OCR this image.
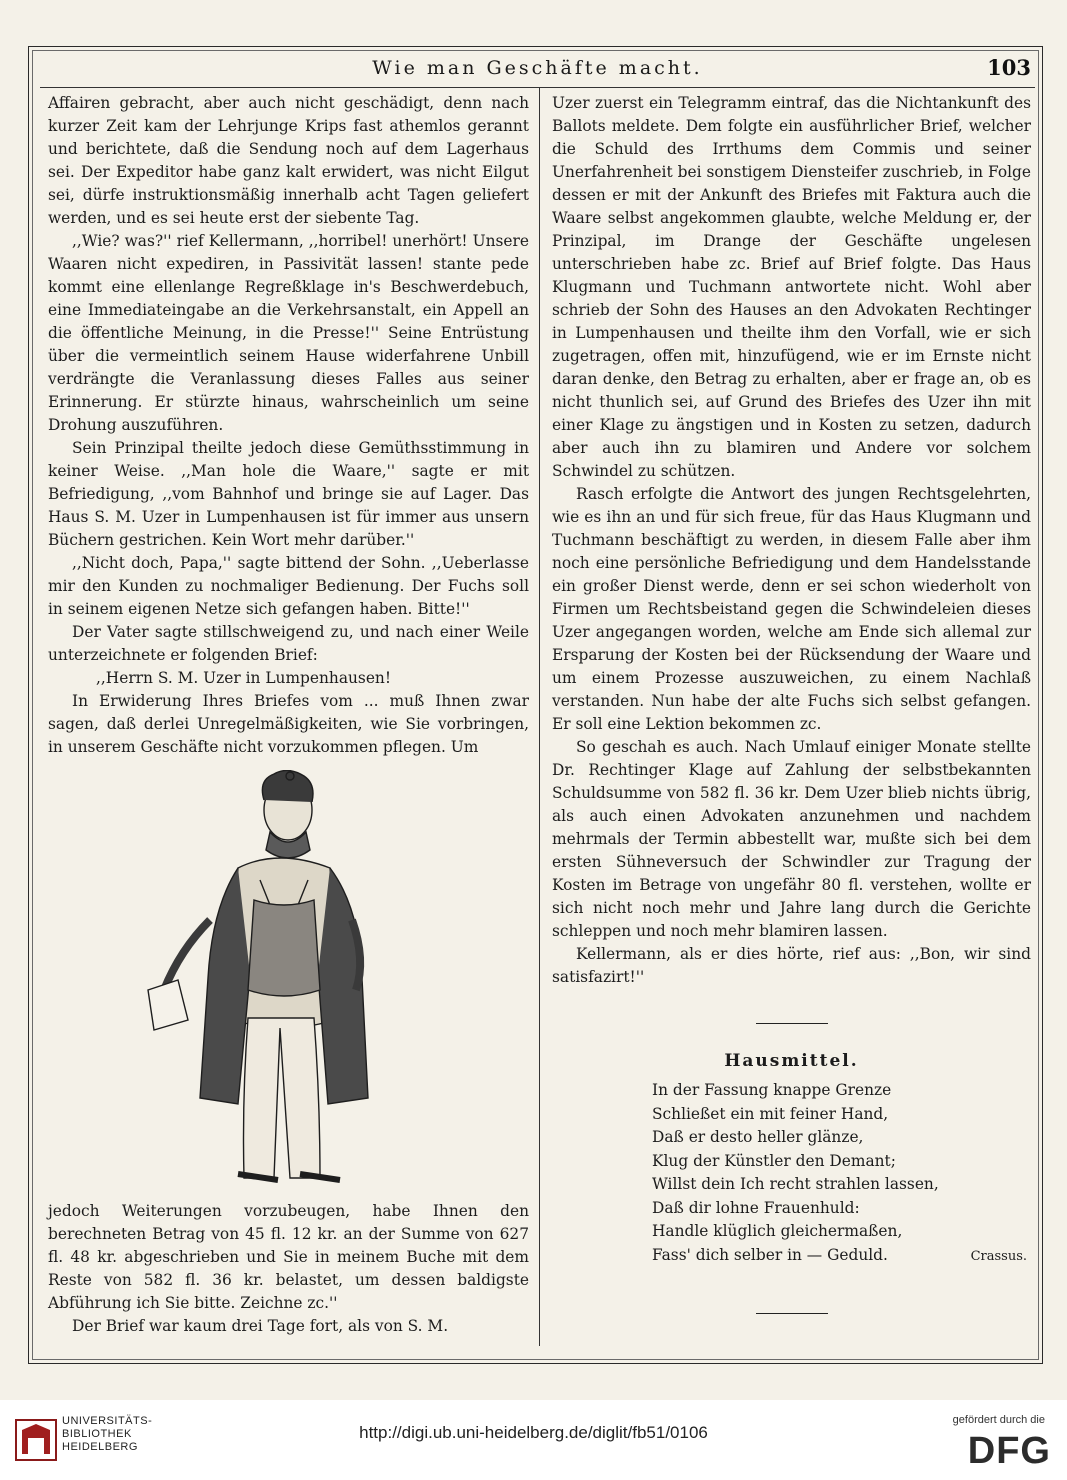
Wie man Geschäfte macht.	103

Affairen gebracht, aber auch nicht geschädigt, denn nach kurzer Zeit kam der Lehrjunge Krips fast athemlos gerannt und berichtete, daß die Sendung noch auf dem Lagerhaus sei. Der Expeditor habe ganz kalt erwidert, was nicht Eilgut sei, dürfe instruktionsmäßig innerhalb acht Tagen geliefert werden, und es sei heute erst der siebente Tag.

,,Wie? was?'' rief Kellermann, ,,horribel! unerhört! Unsere Waaren nicht expediren, in Passivität lassen! stante pede kommt eine ellenlange Regreßklage in's Beschwerdebuch, eine Immediateingabe an die Verkehrsanstalt, ein Appell an die öffentliche Meinung, in die Presse!'' Seine Entrüstung über die vermeintlich seinem Hause widerfahrene Unbill verdrängte die Veranlassung dieses Falles aus seiner Erinnerung. Er stürzte hinaus, wahrscheinlich um seine Drohung auszuführen.

Sein Prinzipal theilte jedoch diese Gemüthsstimmung in keiner Weise. ,,Man hole die Waare,'' sagte er mit Befriedigung, ,,vom Bahnhof und bringe sie auf Lager. Das Haus S. M. Uzer in Lumpenhausen ist für immer aus unsern Büchern gestrichen. Kein Wort mehr darüber.''

,,Nicht doch, Papa,'' sagte bittend der Sohn. ,,Ueberlasse mir den Kunden zu nochmaliger Bedienung. Der Fuchs soll in seinem eigenen Netze sich gefangen haben. Bitte!''

Der Vater sagte stillschweigend zu, und nach einer Weile unterzeichnete er folgenden Brief:

,,Herrn S. M. Uzer in Lumpenhausen!

In Erwiderung Ihres Briefes vom ... muß Ihnen zwar sagen, daß derlei Unregelmäßigkeiten, wie Sie vorbringen, in unserem Geschäfte nicht vorzukommen pflegen. Um

jedoch Weiterungen vorzubeugen, habe Ihnen den berechneten Betrag von 45 fl. 12 kr. an der Summe von 627 fl. 48 kr. abgeschrieben und Sie in meinem Buche mit dem Reste von 582 fl. 36 kr. belastet, um dessen baldigste Abführung ich Sie bitte. Zeichne zc.''

Der Brief war kaum drei Tage fort, als von S. M.

Uzer zuerst ein Telegramm eintraf, das die Nichtankunft des Ballots meldete. Dem folgte ein ausführlicher Brief, welcher die Schuld des Irrthums dem Commis und seiner Unerfahrenheit bei sonstigem Diensteifer zuschrieb, in Folge dessen er mit der Ankunft des Briefes mit Faktura auch die Waare selbst angekommen glaubte, welche Meldung er, der Prinzipal, im Drange der Geschäfte ungelesen unterschrieben habe zc. Brief auf Brief folgte. Das Haus Klugmann und Tuchmann antwortete nicht. Wohl aber schrieb der Sohn des Hauses an den Advokaten Rechtinger in Lumpenhausen und theilte ihm den Vorfall, wie er sich zugetragen, offen mit, hinzufügend, wie er im Ernste nicht daran denke, den Betrag zu erhalten, aber er frage an, ob es nicht thunlich sei, auf Grund des Briefes des Uzer ihn mit einer Klage zu ängstigen und in Kosten zu setzen, dadurch aber auch ihn zu blamiren und Andere vor solchem Schwindel zu schützen.

Rasch erfolgte die Antwort des jungen Rechtsgelehrten, wie es ihn an und für sich freue, für das Haus Klugmann und Tuchmann beschäftigt zu werden, in diesem Falle aber ihm noch eine persönliche Befriedigung und dem Handelsstande ein großer Dienst werde, denn er sei schon wiederholt von Firmen um Rechtsbeistand gegen die Schwindeleien dieses Uzer angegangen worden, welche am Ende sich allemal zur Ersparung der Kosten bei der Rücksendung der Waare und um einem Prozesse auszuweichen, zu einem Nachlaß verstanden. Nun habe der alte Fuchs sich selbst gefangen. Er soll eine Lektion bekommen zc.

So geschah es auch. Nach Umlauf einiger Monate stellte Dr. Rechtinger Klage auf Zahlung der selbstbekannten Schuldsumme von 582 fl. 36 kr. Dem Uzer blieb nichts übrig, als auch einen Advokaten anzunehmen und nachdem mehrmals der Termin abbestellt war, mußte sich bei dem ersten Sühneversuch der Schwindler zur Tragung der Kosten im Betrage von ungefähr 80 fl. verstehen, wollte er sich nicht noch mehr und Jahre lang durch die Gerichte schleppen und noch mehr blamiren lassen.

Kellermann, als er dies hörte, rief aus: ,,Bon, wir sind satisfazirt!''

Hausmittel.
In der Fassung knappe Grenze
Schließet ein mit feiner Hand,
Daß er desto heller glänze,
Klug der Künstler den Demant;
Willst dein Ich recht strahlen lassen,
Daß dir lohne Frauenhuld:
Handle klüglich gleichermaßen,
Fass' dich selber in — Geduld.	Crassus.
UNIVERSITÄTS-
BIBLIOTHEK
HEIDELBERG
http://digi.ub.uni-heidelberg.de/diglit/fb51/0106
gefördert durch die
DFG
